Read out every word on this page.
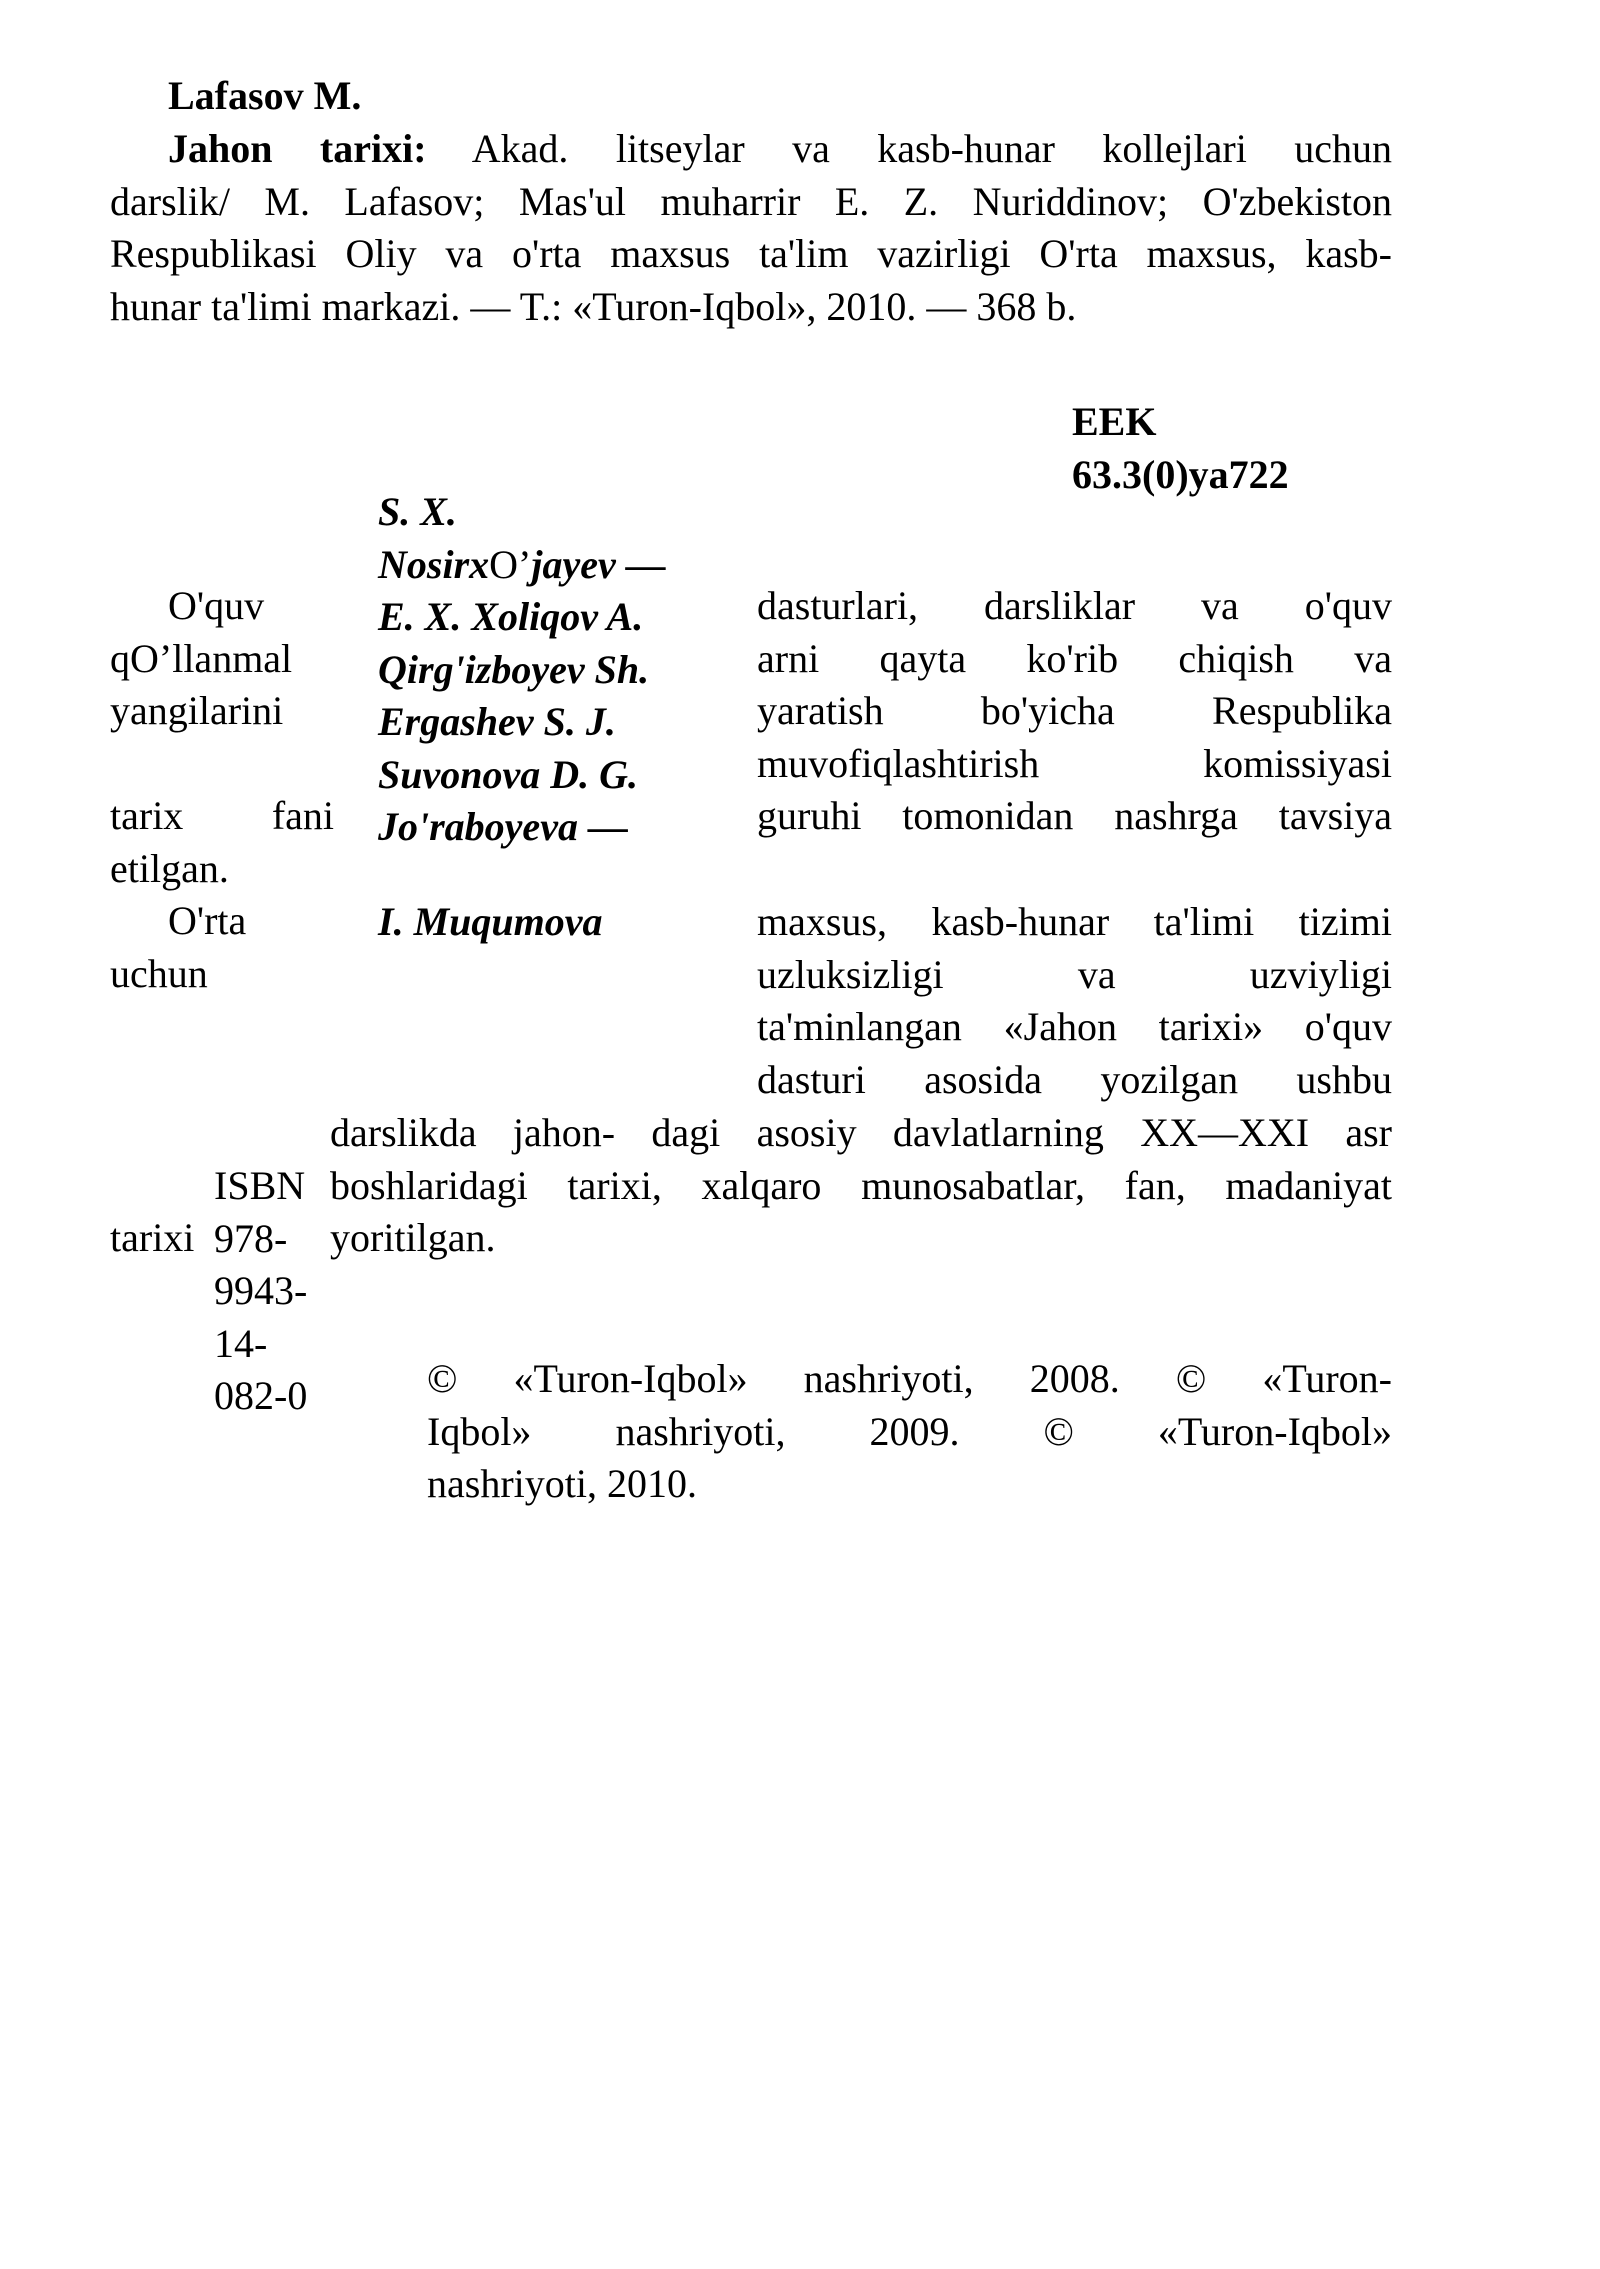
Lafasov M.
Jahon tarixi: Akad. litseylar va kasb-hunar kollejlari uchun
darslik/ M. Lafasov; Mas'ul muharrir E. Z. Nuriddinov; O'zbekiston
Respublikasi Oliy va o'rta maxsus ta'lim vazirligi O'rta maxsus, kasb-
hunar ta'limi markazi. — T.: «Turon-Iqbol», 2010. — 368 b.
EEK
63.3(0)ya722
S. X.
NosirxO’jayev —
E. X. Xoliqov A.
Qirg'izboyev Sh.
Ergashev S. J.
Suvonova D. G.
Jo'raboyeva —
I. Muqumova
O'quv
qO’llanmal
yangilarini
tarix fani
etilgan.
O'rta
uchun
dasturlari, darsliklar va o'quv
arni qayta ko'rib chiqish va
yaratish bo'yicha Respublika
muvofiqlashtirish komissiyasi
guruhi tomonidan nashrga tavsiya
maxsus, kasb-hunar ta'limi tizimi
uzluksizligi va uzviyligi
ta'minlangan «Jahon tarixi» o'quv
dasturi asosida yozilgan ushbu
darslikda jahon- dagi asosiy davlatlarning XX—XXI asr
boshlaridagi tarixi, xalqaro munosabatlar, fan, madaniyat
yoritilgan.
tarixi
ISBN
978-
9943-
14-
082-0	© «Turon-Iqbol» nashriyoti, 2008. © «Turon-
Iqbol» nashriyoti, 2009. © «Turon-Iqbol»
nashriyoti, 2010.
